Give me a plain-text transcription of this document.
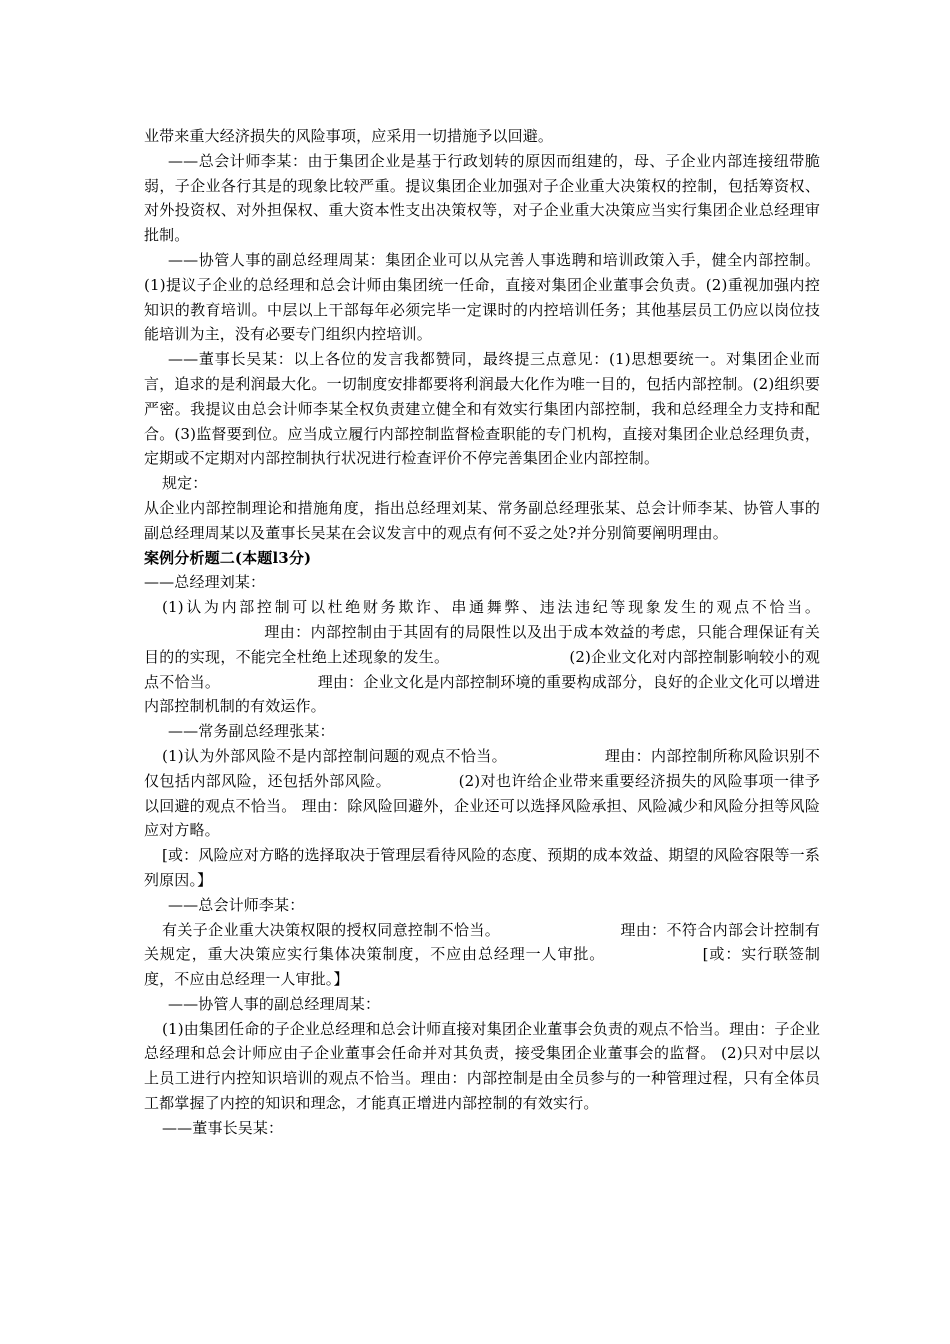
业带来重大经济损失的风险事项，应采用一切措施予以回避。

——总会计师李某：由于集团企业是基于行政划转的原因而组建的，母、子企业内部连接纽带脆弱，子企业各行其是的现象比较严重。提议集团企业加强对子企业重大决策权的控制，包括筹资权、对外投资权、对外担保权、重大资本性支出决策权等，对子企业重大决策应当实行集团企业总经理审批制。

——协管人事的副总经理周某：集团企业可以从完善人事选聘和培训政策入手，健全内部控制。(1)提议子企业的总经理和总会计师由集团统一任命，直接对集团企业董事会负责。(2)重视加强内控知识的教育培训。中层以上干部每年必须完毕一定课时的内控培训任务；其他基层员工仍应以岗位技能培训为主，没有必要专门组织内控培训。

——董事长吴某：以上各位的发言我都赞同，最终提三点意见：(1)思想要统一。对集团企业而言，追求的是利润最大化。一切制度安排都要将利润最大化作为唯一目的，包括内部控制。(2)组织要严密。我提议由总会计师李某全权负责建立健全和有效实行集团内部控制，我和总经理全力支持和配合。(3)监督要到位。应当成立履行内部控制监督检查职能的专门机构，直接对集团企业总经理负责，定期或不定期对内部控制执行状况进行检查评价不停完善集团企业内部控制。

规定：

从企业内部控制理论和措施角度，指出总经理刘某、常务副总经理张某、总会计师李某、协管人事的副总经理周某以及董事长吴某在会议发言中的观点有何不妥之处?并分别简要阐明理由。

案例分析题二(本题l3分)

——总经理刘某：

(1)认为内部控制可以杜绝财务欺诈、串通舞弊、违法违纪等现象发生的观点不恰当。理由：内部控制由于其固有的局限性以及出于成本效益的考虑，只能合理保证有关目的的实现，不能完全杜绝上述现象的发生。	(2)企业文化对内部控制影响较小的观点不恰当。	理由：企业文化是内部控制环境的重要构成部分，良好的企业文化可以增进内部控制机制的有效运作。

——常务副总经理张某：

(1)认为外部风险不是内部控制问题的观点不恰当。	理由：内部控制所称风险识别不仅包括内部风险，还包括外部风险。	(2)对也许给企业带来重要经济损失的风险事项一律予以回避的观点不恰当。 理由：除风险回避外，企业还可以选择风险承担、风险减少和风险分担等风险应对方略。

[或：风险应对方略的选择取决于管理层看待风险的态度、预期的成本效益、期望的风险容限等一系列原因。】

——总会计师李某：

有关子企业重大决策权限的授权同意控制不恰当。	理由：不符合内部会计控制有关规定，重大决策应实行集体决策制度，不应由总经理一人审批。	[或：实行联签制度，不应由总经理一人审批。】

——协管人事的副总经理周某：

(1)由集团任命的子企业总经理和总会计师直接对集团企业董事会负责的观点不恰当。理由：子企业总经理和总会计师应由子企业董事会任命并对其负责，接受集团企业董事会的监督。 (2)只对中层以上员工进行内控知识培训的观点不恰当。理由：内部控制是由全员参与的一种管理过程，只有全体员工都掌握了内控的知识和理念，才能真正增进内部控制的有效实行。

——董事长吴某：
